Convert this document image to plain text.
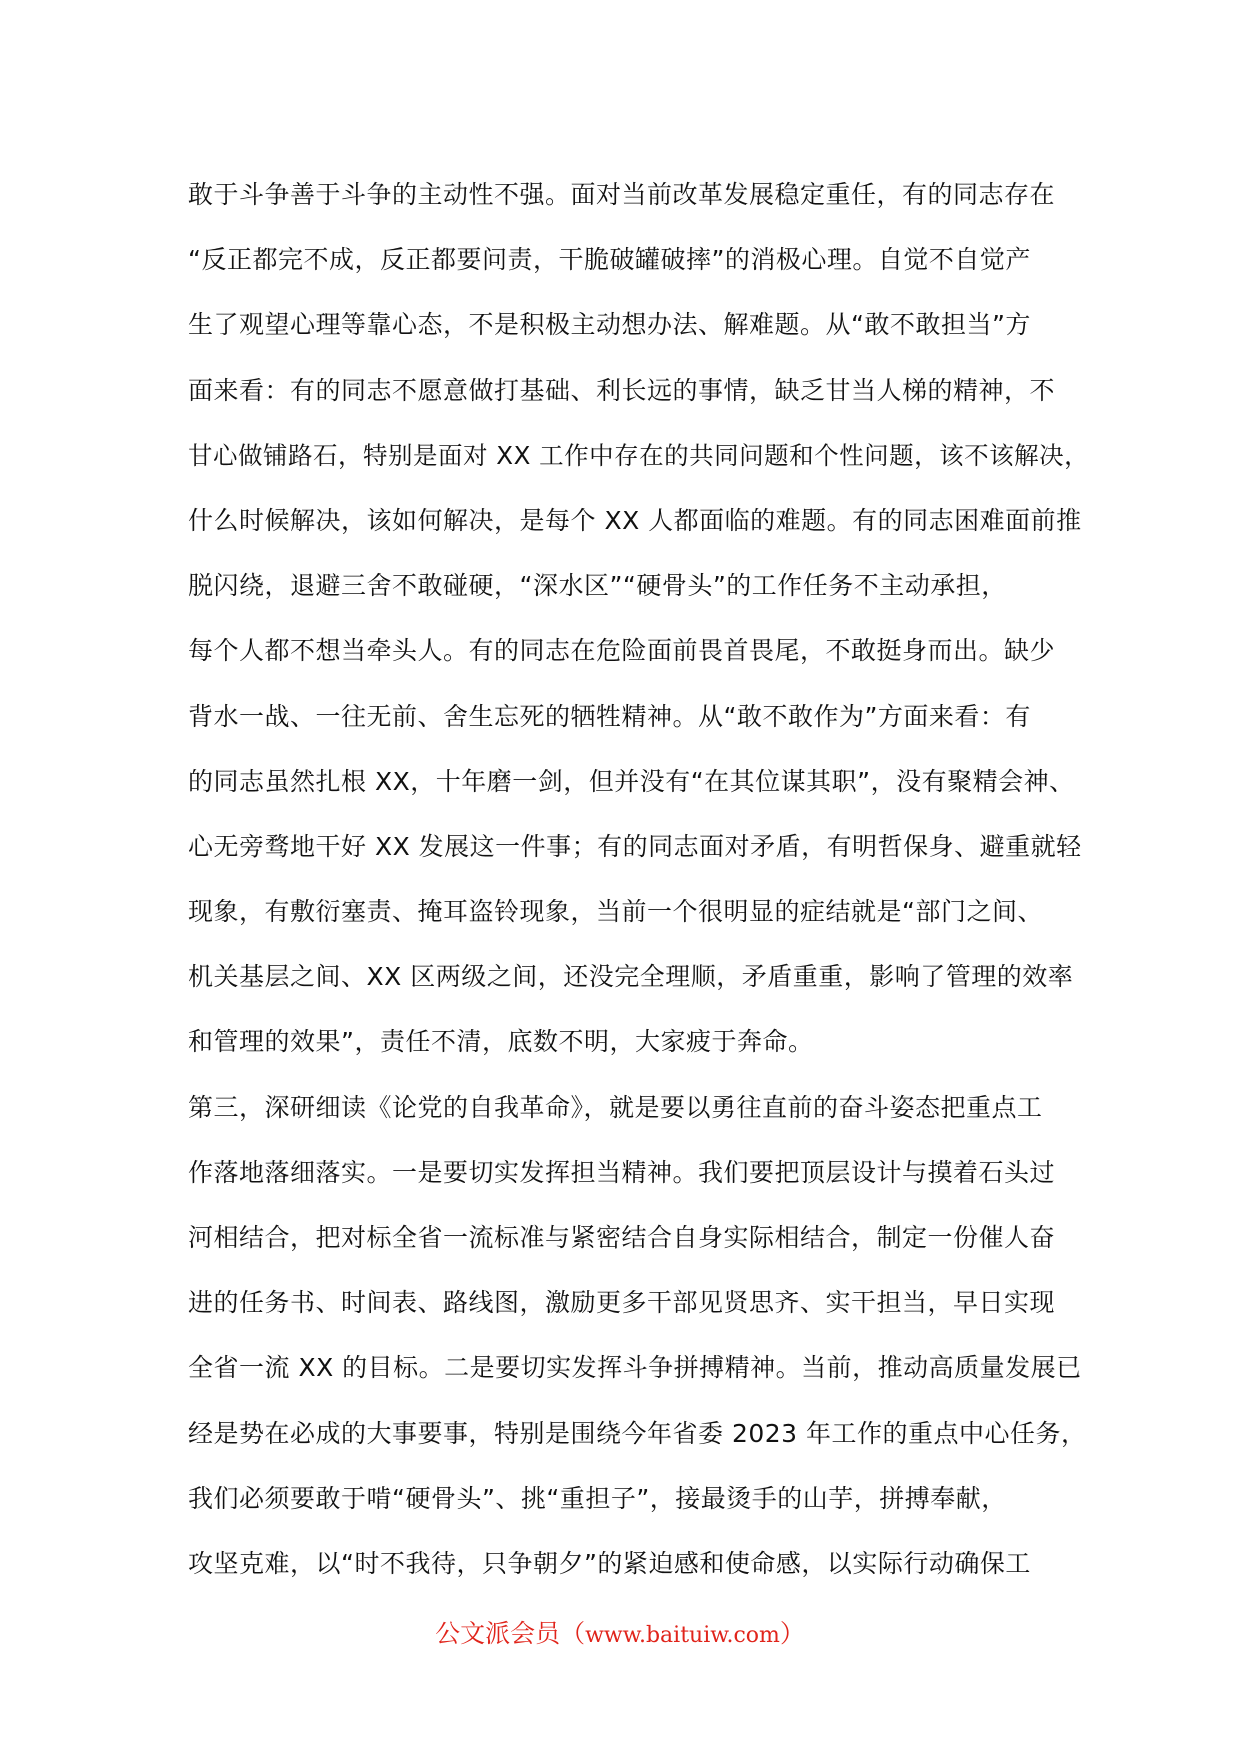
敢于斗争善于斗争的主动性不强。面对当前改革发展稳定重任，有的同志存在
“反正都完不成，反正都要问责，干脆破罐破摔”的消极心理。自觉不自觉产
生了观望心理等靠心态，不是积极主动想办法、解难题。从“敢不敢担当”方
面来看：有的同志不愿意做打基础、利长远的事情，缺乏甘当人梯的精神，不
甘心做铺路石，特别是面对 XX 工作中存在的共同问题和个性问题，该不该解决，
什么时候解决，该如何解决，是每个 XX 人都面临的难题。有的同志困难面前推
脱闪绕，退避三舍不敢碰硬，“深水区”“硬骨头”的工作任务不主动承担，
每个人都不想当牵头人。有的同志在危险面前畏首畏尾，不敢挺身而出。缺少
背水一战、一往无前、舍生忘死的牺牲精神。从“敢不敢作为”方面来看：有
的同志虽然扎根 XX，十年磨一剑，但并没有“在其位谋其职”，没有聚精会神、
心无旁骛地干好 XX 发展这一件事；有的同志面对矛盾，有明哲保身、避重就轻
现象，有敷衍塞责、掩耳盗铃现象，当前一个很明显的症结就是“部门之间、
机关基层之间、XX 区两级之间，还没完全理顺，矛盾重重，影响了管理的效率
和管理的效果”，责任不清，底数不明，大家疲于奔命。
第三，深研细读《论党的自我革命》，就是要以勇往直前的奋斗姿态把重点工
作落地落细落实。一是要切实发挥担当精神。我们要把顶层设计与摸着石头过
河相结合，把对标全省一流标准与紧密结合自身实际相结合，制定一份催人奋
进的任务书、时间表、路线图，激励更多干部见贤思齐、实干担当，早日实现
全省一流 XX 的目标。二是要切实发挥斗争拼搏精神。当前，推动高质量发展已
经是势在必成的大事要事，特别是围绕今年省委 2023 年工作的重点中心任务，
我们必须要敢于啃“硬骨头”、挑“重担子”，接最烫手的山芋，拼搏奉献，
攻坚克难，以“时不我待，只争朝夕”的紧迫感和使命感，以实际行动确保工
公文派会员（www.baituiw.com）
